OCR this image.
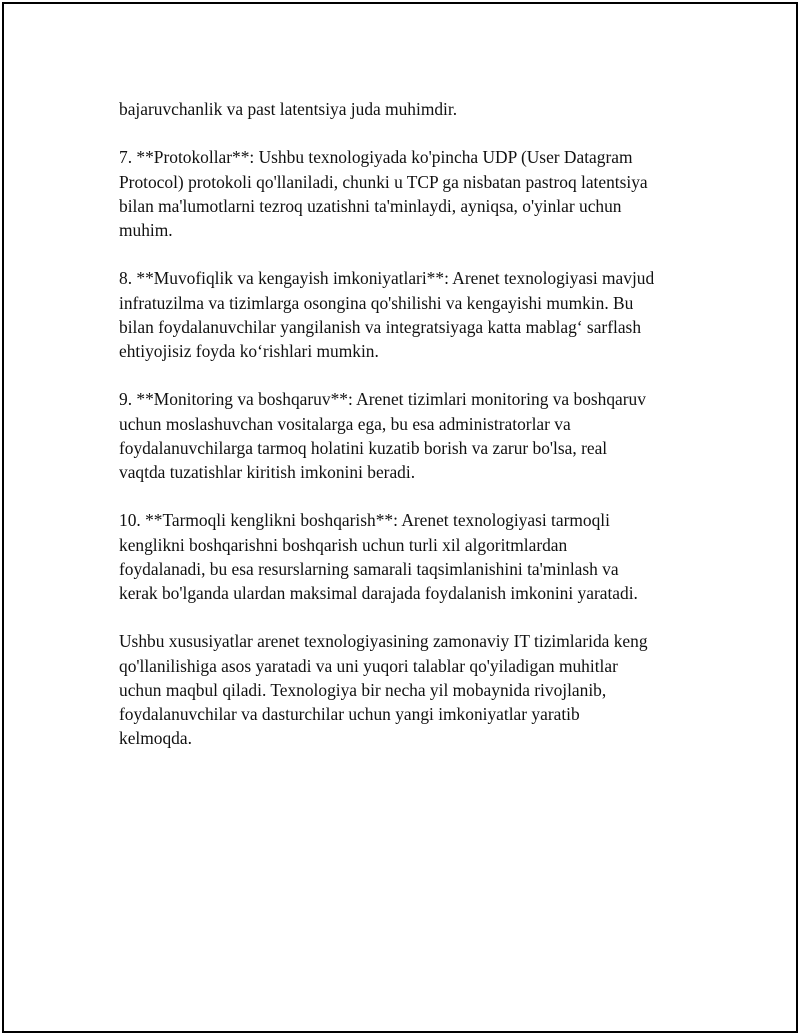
bajaruvchanlik va past latentsiya juda muhimdir.

7. **Protokollar**: Ushbu texnologiyada ko'pincha UDP (User Datagram
Protocol) protokoli qo'llaniladi, chunki u TCP ga nisbatan pastroq latentsiya
bilan ma'lumotlarni tezroq uzatishni ta'minlaydi, ayniqsa, o'yinlar uchun
muhim.

8. **Muvofiqlik va kengayish imkoniyatlari**: Arenet texnologiyasi mavjud
infratuzilma va tizimlarga osongina qo'shilishi va kengayishi mumkin. Bu
bilan foydalanuvchilar yangilanish va integratsiyaga katta mablag‘ sarflash
ehtiyojisiz foyda ko‘rishlari mumkin.

9. **Monitoring va boshqaruv**: Arenet tizimlari monitoring va boshqaruv
uchun moslashuvchan vositalarga ega, bu esa administratorlar va
foydalanuvchilarga tarmoq holatini kuzatib borish va zarur bo'lsa, real
vaqtda tuzatishlar kiritish imkonini beradi.

10. **Tarmoqli kenglikni boshqarish**: Arenet texnologiyasi tarmoqli
kenglikni boshqarishni boshqarish uchun turli xil algoritmlardan
foydalanadi, bu esa resurslarning samarali taqsimlanishini ta'minlash va
kerak bo'lganda ulardan maksimal darajada foydalanish imkonini yaratadi.

Ushbu xususiyatlar arenet texnologiyasining zamonaviy IT tizimlarida keng
qo'llanilishiga asos yaratadi va uni yuqori talablar qo'yiladigan muhitlar
uchun maqbul qiladi. Texnologiya bir necha yil mobaynida rivojlanib,
foydalanuvchilar va dasturchilar uchun yangi imkoniyatlar yaratib
kelmoqda.
